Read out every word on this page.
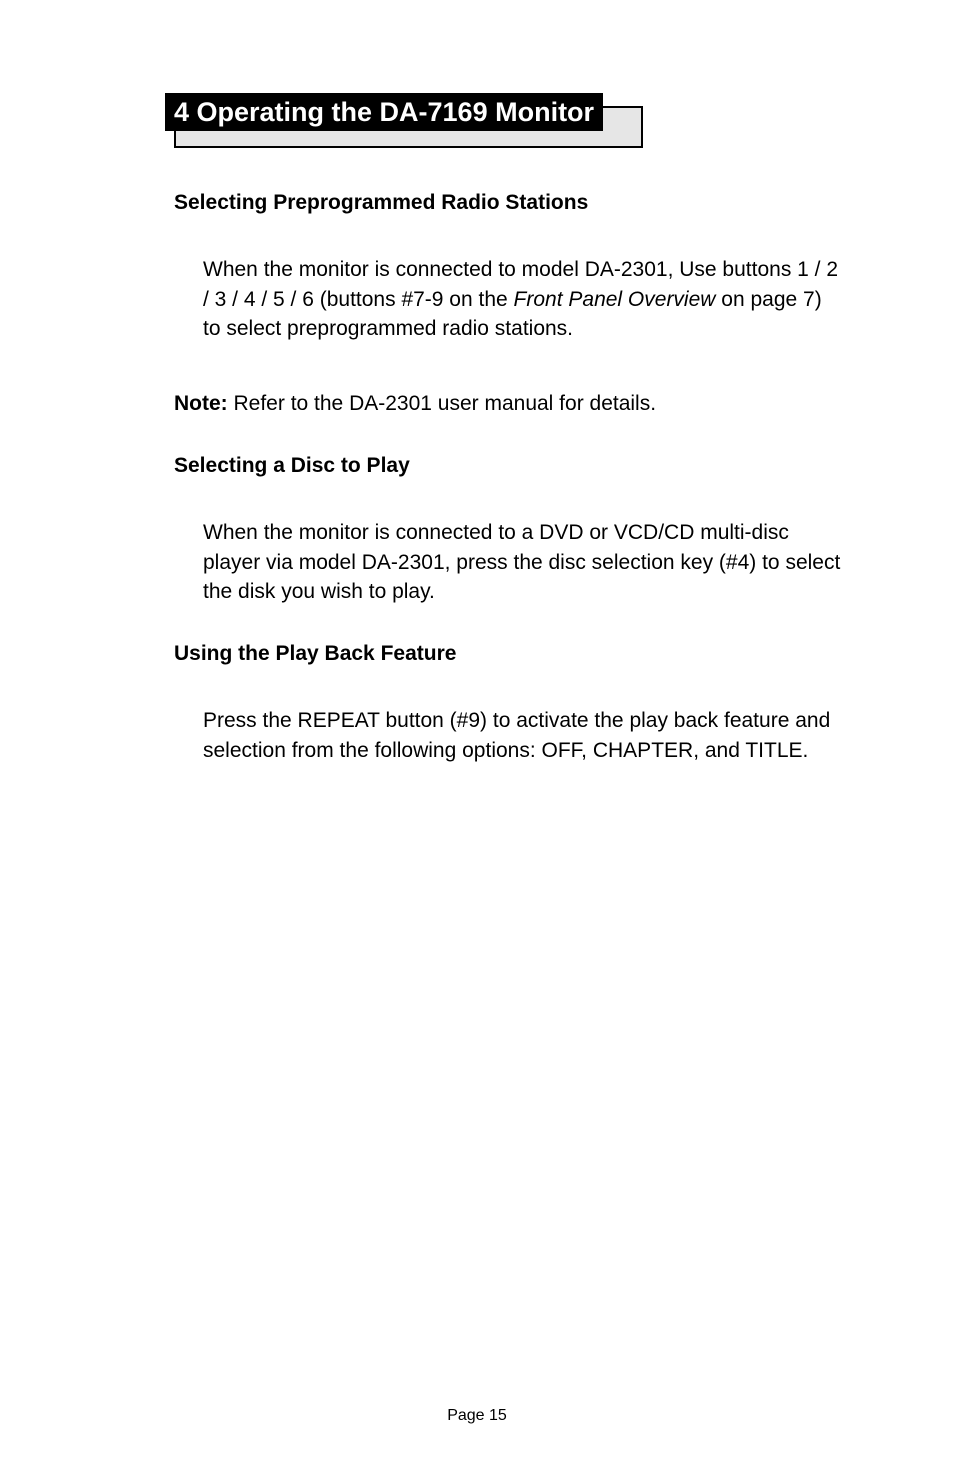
4 Operating the DA-7169 Monitor
Selecting Preprogrammed Radio Stations

When the monitor is connected to model DA-2301, Use buttons 1 / 2 / 3 / 4 / 5 / 6 (buttons #7-9 on the Front Panel Overview on page 7) to select preprogrammed radio stations.

Note: Refer to the DA-2301 user manual for details.

Selecting a Disc to Play

When the monitor is connected to a DVD or VCD/CD multi-disc player via model DA-2301, press the disc selection key (#4) to select the disk you wish to play.

Using the Play Back Feature

Press the REPEAT button (#9) to activate the play back feature and selection from the following options: OFF, CHAPTER, and TITLE.

Page 15
